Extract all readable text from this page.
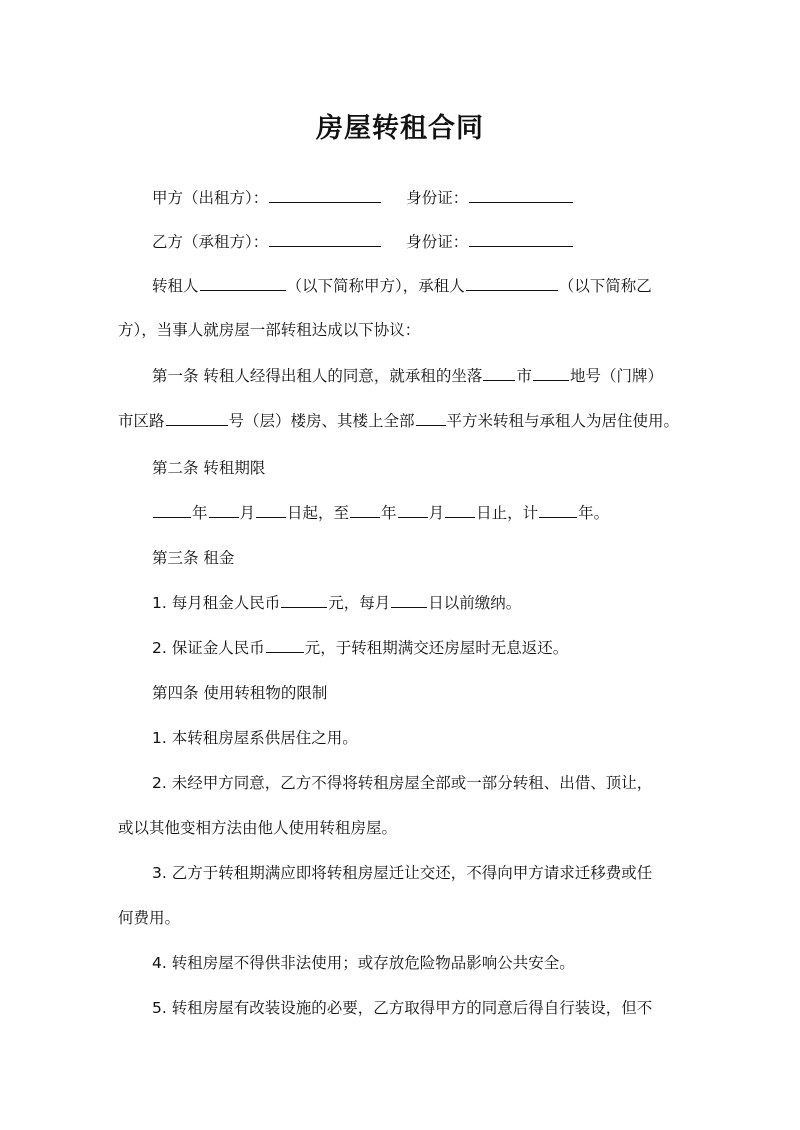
房屋转租合同
甲方（出租方）：	身份证：
乙方（承租方）：	身份证：
转租人	（以下简称甲方），承租人	（以下简称乙
方），当事人就房屋一部转租达成以下协议：
第一条 转租人经得出租人的同意，就承租的坐落 市 地号（门牌）
市区路	号（层）楼房、其楼上全部 平方米转租与承租人为居住使用。
第二条 转租期限
年 月 日起，至 年 月 日止，计	年。
第三条 租金
1. 每月租金人民币	元，每月 日以前缴纳。
2. 保证金人民币	元，于转租期满交还房屋时无息返还。
第四条 使用转租物的限制
1. 本转租房屋系供居住之用。
2. 未经甲方同意，乙方不得将转租房屋全部或一部分转租、出借、顶让，
或以其他变相方法由他人使用转租房屋。
3. 乙方于转租期满应即将转租房屋迁让交还，不得向甲方请求迁移费或任
何费用。
4. 转租房屋不得供非法使用；或存放危险物品影响公共安全。
5. 转租房屋有改装设施的必要，乙方取得甲方的同意后得自行装设，但不
